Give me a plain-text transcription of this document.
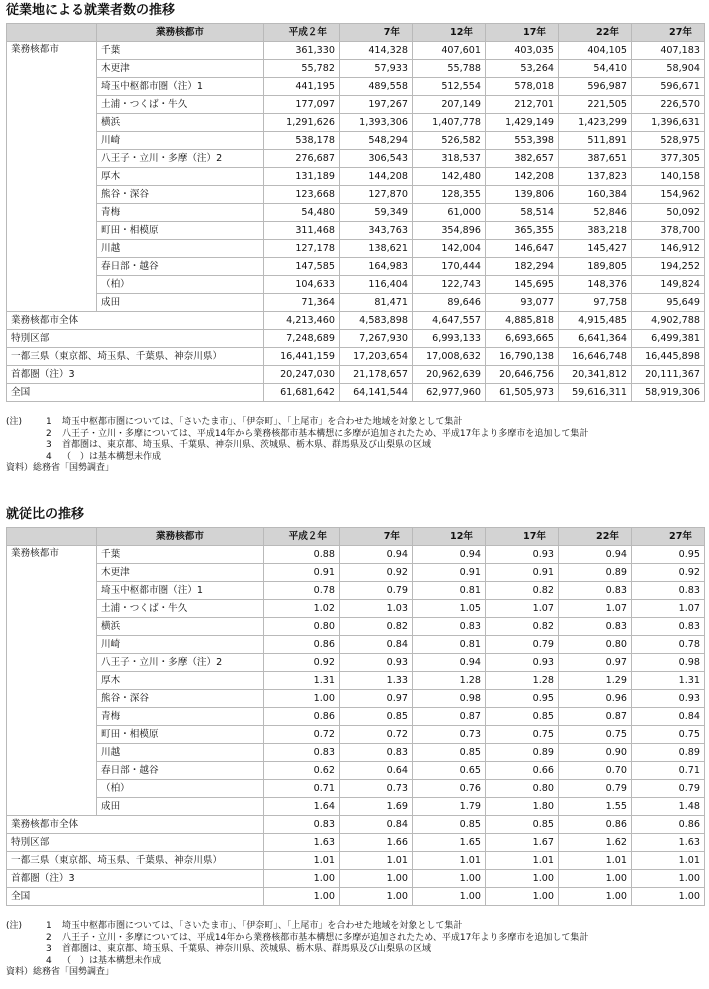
従業地による就業者数の推移
	業務核都市	平成２年	7年	12年	17年	22年	27年
業務核都市	千葉	361,330	414,328	407,601	403,035	404,105	407,183
	木更津	55,782	57,933	55,788	53,264	54,410	58,904
	埼玉中枢都市圏（注）1	441,195	489,558	512,554	578,018	596,987	596,671
	土浦・つくば・牛久	177,097	197,267	207,149	212,701	221,505	226,570
	横浜	1,291,626	1,393,306	1,407,778	1,429,149	1,423,299	1,396,631
	川崎	538,178	548,294	526,582	553,398	511,891	528,975
	八王子・立川・多摩（注）2	276,687	306,543	318,537	382,657	387,651	377,305
	厚木	131,189	144,208	142,480	142,208	137,823	140,158
	熊谷・深谷	123,668	127,870	128,355	139,806	160,384	154,962
	青梅	54,480	59,349	61,000	58,514	52,846	50,092
	町田・相模原	311,468	343,763	354,896	365,355	383,218	378,700
	川越	127,178	138,621	142,004	146,647	145,427	146,912
	春日部・越谷	147,585	164,983	170,444	182,294	189,805	194,252
	（柏）	104,633	116,404	122,743	145,695	148,376	149,824
	成田	71,364	81,471	89,646	93,077	97,758	95,649
業務核都市全体		4,213,460	4,583,898	4,647,557	4,885,818	4,915,485	4,902,788
特別区部		7,248,689	7,267,930	6,993,133	6,693,665	6,641,364	6,499,381
一都三県（東京都、埼玉県、千葉県、神奈川県）		16,441,159	17,203,654	17,008,632	16,790,138	16,646,748	16,445,898
首都圏（注）3		20,247,030	21,178,657	20,962,639	20,646,756	20,341,812	20,111,367
全国		61,681,642	64,141,544	62,977,960	61,505,973	59,616,311	58,919,306
(注)	1	埼玉中枢都市圏については、「さいたま市」、「伊奈町」、「上尾市」を合わせた地域を対象として集計
2	八王子・立川・多摩については、平成14年から業務核都市基本構想に多摩が追加されたため、平成17年より多摩市を追加して集計
3	首都圏は、東京都、埼玉県、千葉県、神奈川県、茨城県、栃木県、群馬県及び山梨県の区域
4	（　）は基本構想未作成
資料）総務省「国勢調査」
就従比の推移
	業務核都市	平成２年	7年	12年	17年	22年	27年
業務核都市	千葉	0.88	0.94	0.94	0.93	0.94	0.95
	木更津	0.91	0.92	0.91	0.91	0.89	0.92
	埼玉中枢都市圏（注）1	0.78	0.79	0.81	0.82	0.83	0.83
	土浦・つくば・牛久	1.02	1.03	1.05	1.07	1.07	1.07
	横浜	0.80	0.82	0.83	0.82	0.83	0.83
	川崎	0.86	0.84	0.81	0.79	0.80	0.78
	八王子・立川・多摩（注）2	0.92	0.93	0.94	0.93	0.97	0.98
	厚木	1.31	1.33	1.28	1.28	1.29	1.31
	熊谷・深谷	1.00	0.97	0.98	0.95	0.96	0.93
	青梅	0.86	0.85	0.87	0.85	0.87	0.84
	町田・相模原	0.72	0.72	0.73	0.75	0.75	0.75
	川越	0.83	0.83	0.85	0.89	0.90	0.89
	春日部・越谷	0.62	0.64	0.65	0.66	0.70	0.71
	（柏）	0.71	0.73	0.76	0.80	0.79	0.79
	成田	1.64	1.69	1.79	1.80	1.55	1.48
業務核都市全体		0.83	0.84	0.85	0.85	0.86	0.86
特別区部		1.63	1.66	1.65	1.67	1.62	1.63
一都三県（東京都、埼玉県、千葉県、神奈川県）		1.01	1.01	1.01	1.01	1.01	1.01
首都圏（注）3		1.00	1.00	1.00	1.00	1.00	1.00
全国		1.00	1.00	1.00	1.00	1.00	1.00
(注)	1	埼玉中枢都市圏については、「さいたま市」、「伊奈町」、「上尾市」を合わせた地域を対象として集計
2	八王子・立川・多摩については、平成14年から業務核都市基本構想に多摩が追加されたため、平成17年より多摩市を追加して集計
3	首都圏は、東京都、埼玉県、千葉県、神奈川県、茨城県、栃木県、群馬県及び山梨県の区域
4	（　）は基本構想未作成
資料）総務省「国勢調査」
